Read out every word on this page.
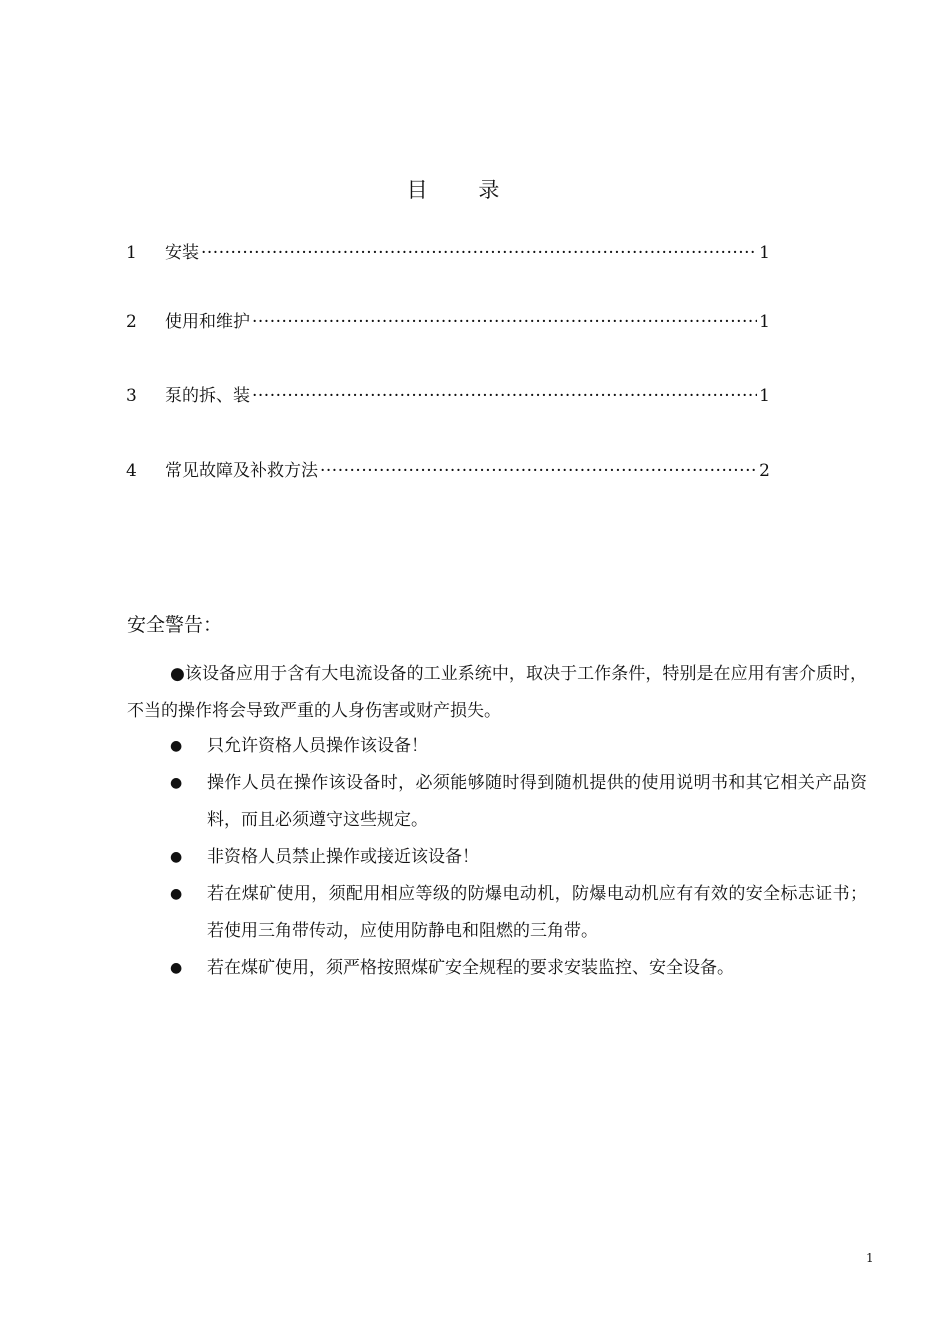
目 录
1	安装 ·····	1
2	使用和维护 ·····	1
3	泵的拆、装 ·····	1
4	常见故障及补救方法 ·····	2
安全警告：
●该设备应用于含有大电流设备的工业系统中，取决于工作条件，特别是在应用有害介质时，不当的操作将会导致严重的人身伤害或财产损失。
●	只允许资格人员操作该设备！
●	操作人员在操作该设备时，必须能够随时得到随机提供的使用说明书和其它相关产品资料，而且必须遵守这些规定。
●	非资格人员禁止操作或接近该设备！
●	若在煤矿使用，须配用相应等级的防爆电动机，防爆电动机应有有效的安全标志证书；若使用三角带传动，应使用防静电和阻燃的三角带。
●	若在煤矿使用，须严格按照煤矿安全规程的要求安装监控、安全设备。
1
